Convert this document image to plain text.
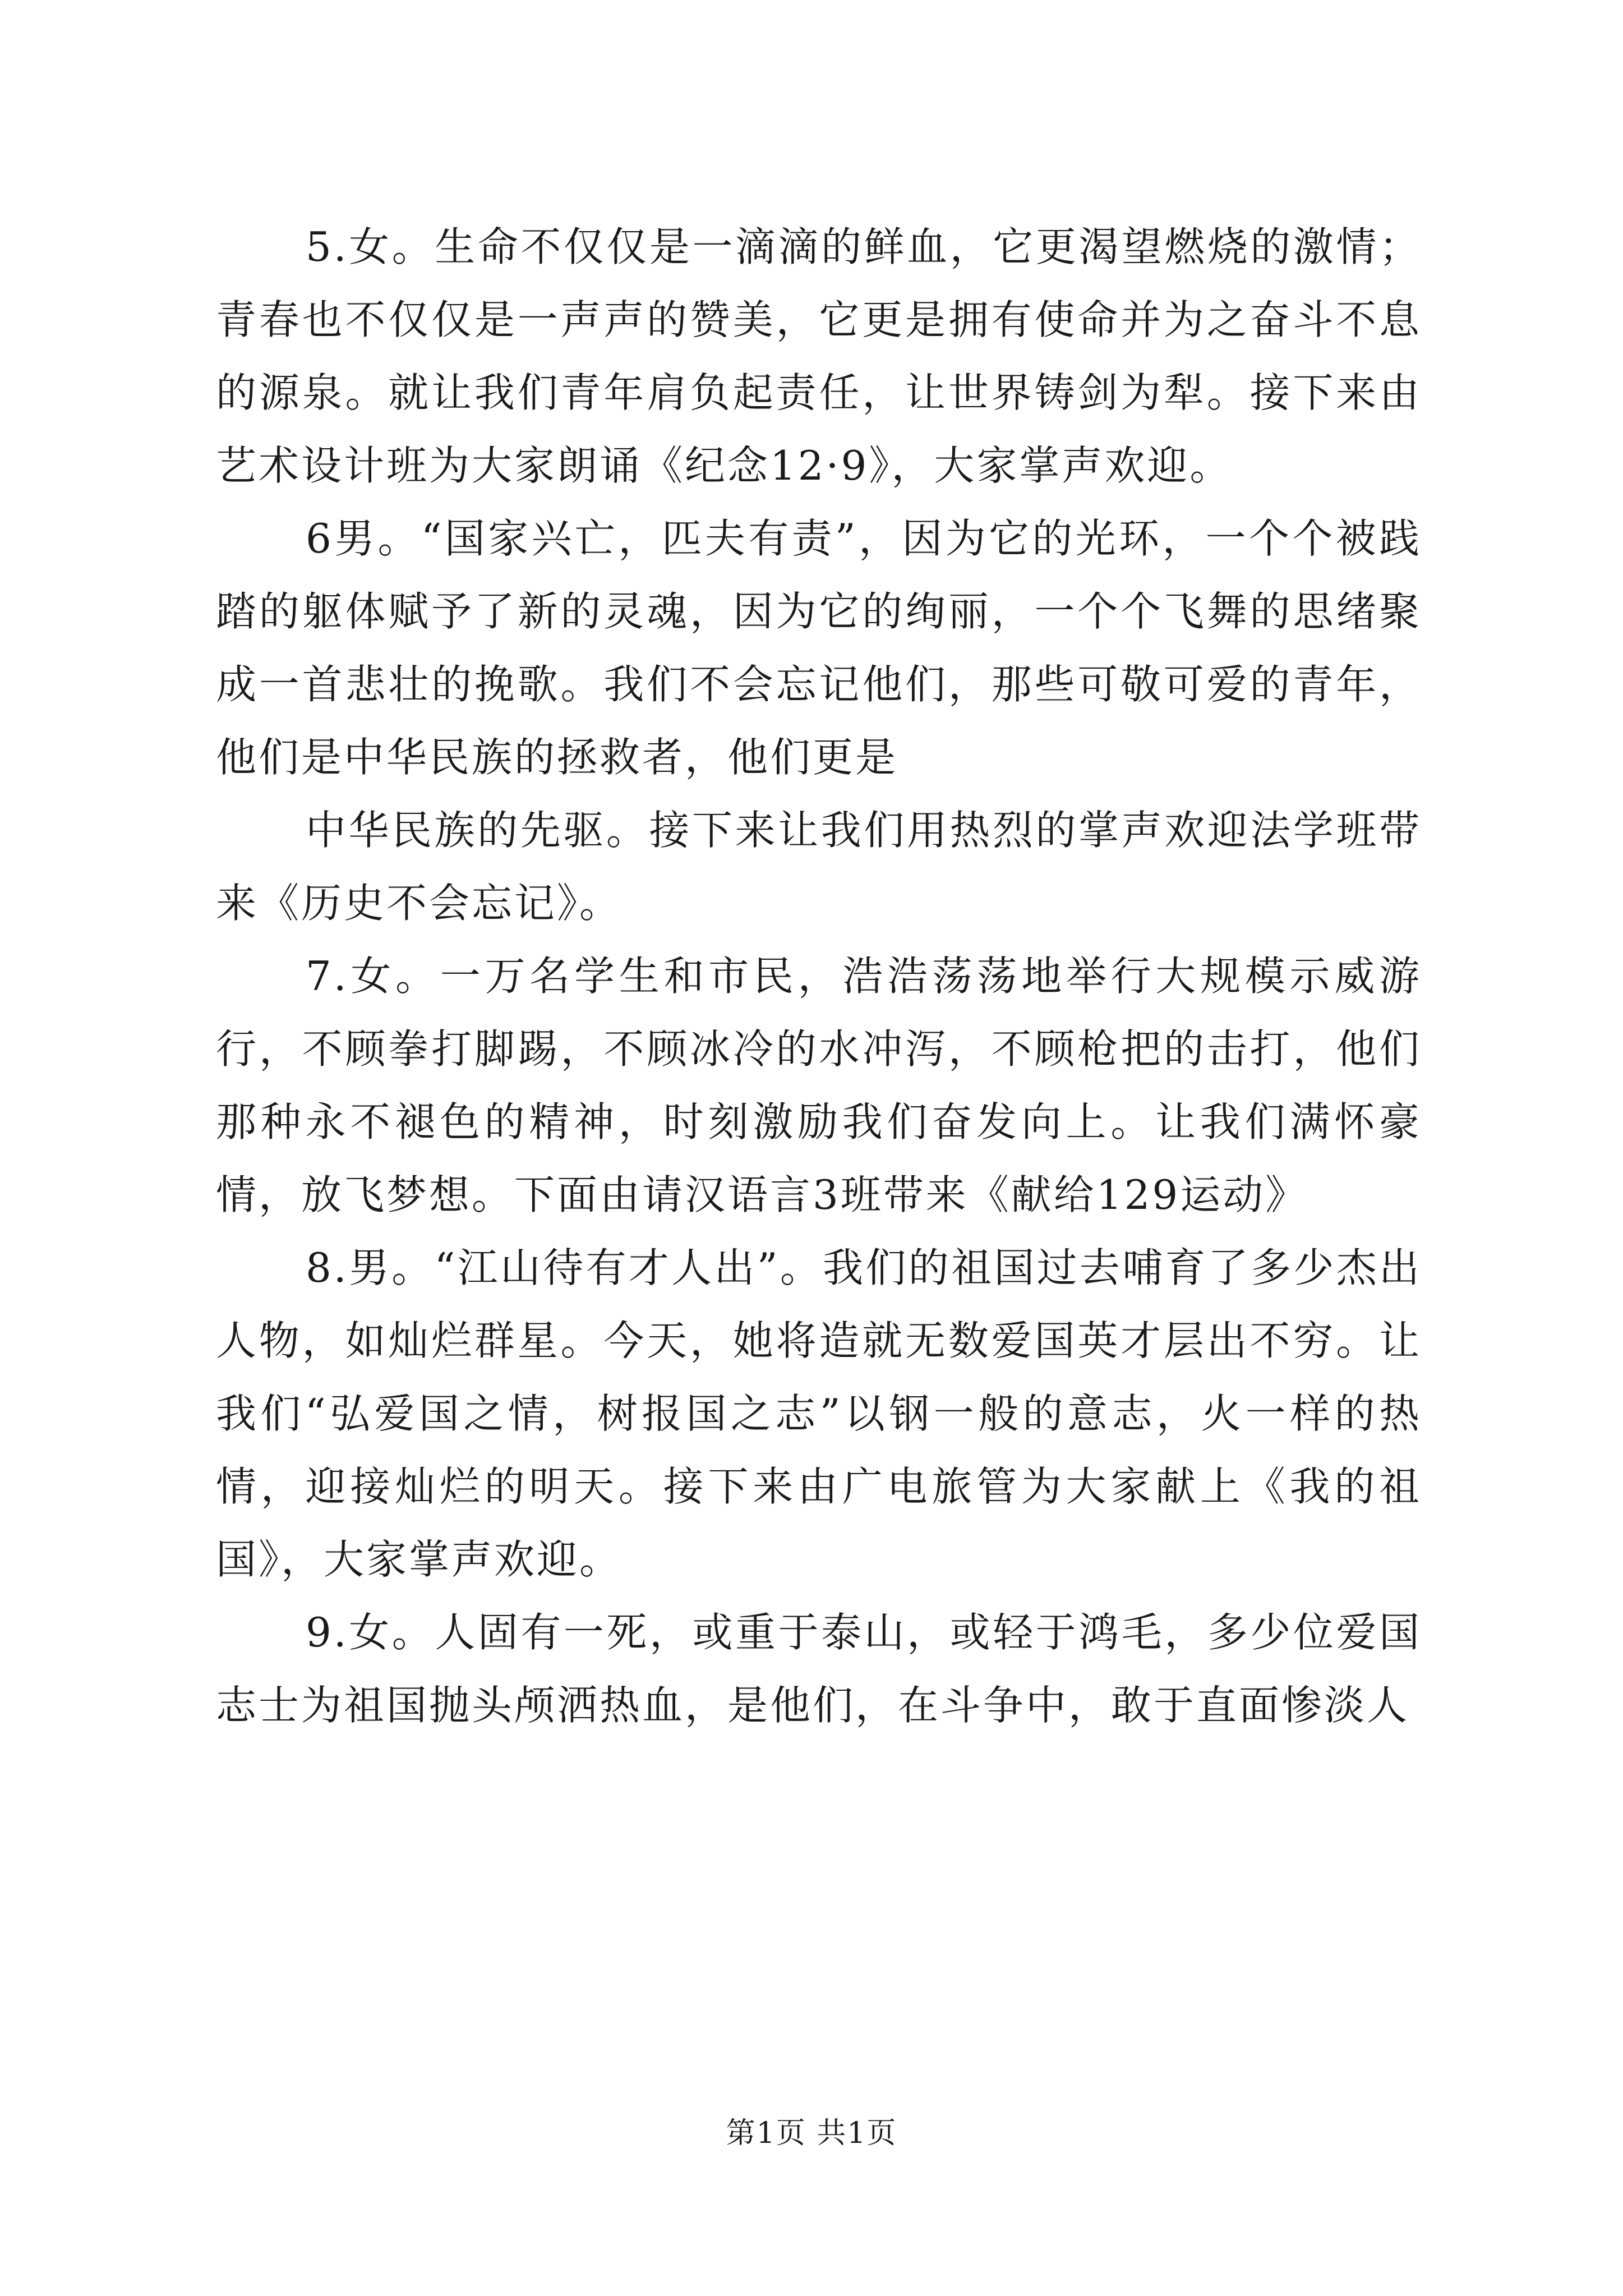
5.女。生命不仅仅是一滴滴的鲜血，它更渴望燃烧的激情；青春也不仅仅是一声声的赞美，它更是拥有使命并为之奋斗不息的源泉。就让我们青年肩负起责任，让世界铸剑为犁。接下来由艺术设计班为大家朗诵《纪念12·9》，大家掌声欢迎。

6男。“国家兴亡，匹夫有责”，因为它的光环，一个个被践踏的躯体赋予了新的灵魂，因为它的绚丽，一个个飞舞的思绪聚成一首悲壮的挽歌。我们不会忘记他们，那些可敬可爱的青年，他们是中华民族的拯救者，他们更是

中华民族的先驱。接下来让我们用热烈的掌声欢迎法学班带来《历史不会忘记》。

7.女。一万名学生和市民，浩浩荡荡地举行大规模示威游行，不顾拳打脚踢，不顾冰冷的水冲泻，不顾枪把的击打，他们那种永不褪色的精神，时刻激励我们奋发向上。让我们满怀豪情，放飞梦想。下面由请汉语言3班带来《献给129运动》

8.男。“江山待有才人出”。我们的祖国过去哺育了多少杰出人物，如灿烂群星。今天，她将造就无数爱国英才层出不穷。让我们“弘爱国之情，树报国之志”以钢一般的意志，火一样的热情，迎接灿烂的明天。接下来由广电旅管为大家献上《我的祖国》，大家掌声欢迎。

9.女。人固有一死，或重于泰山，或轻于鸿毛，多少位爱国志士为祖国抛头颅洒热血，是他们，在斗争中，敢于直面惨淡人

第1页 共1页
